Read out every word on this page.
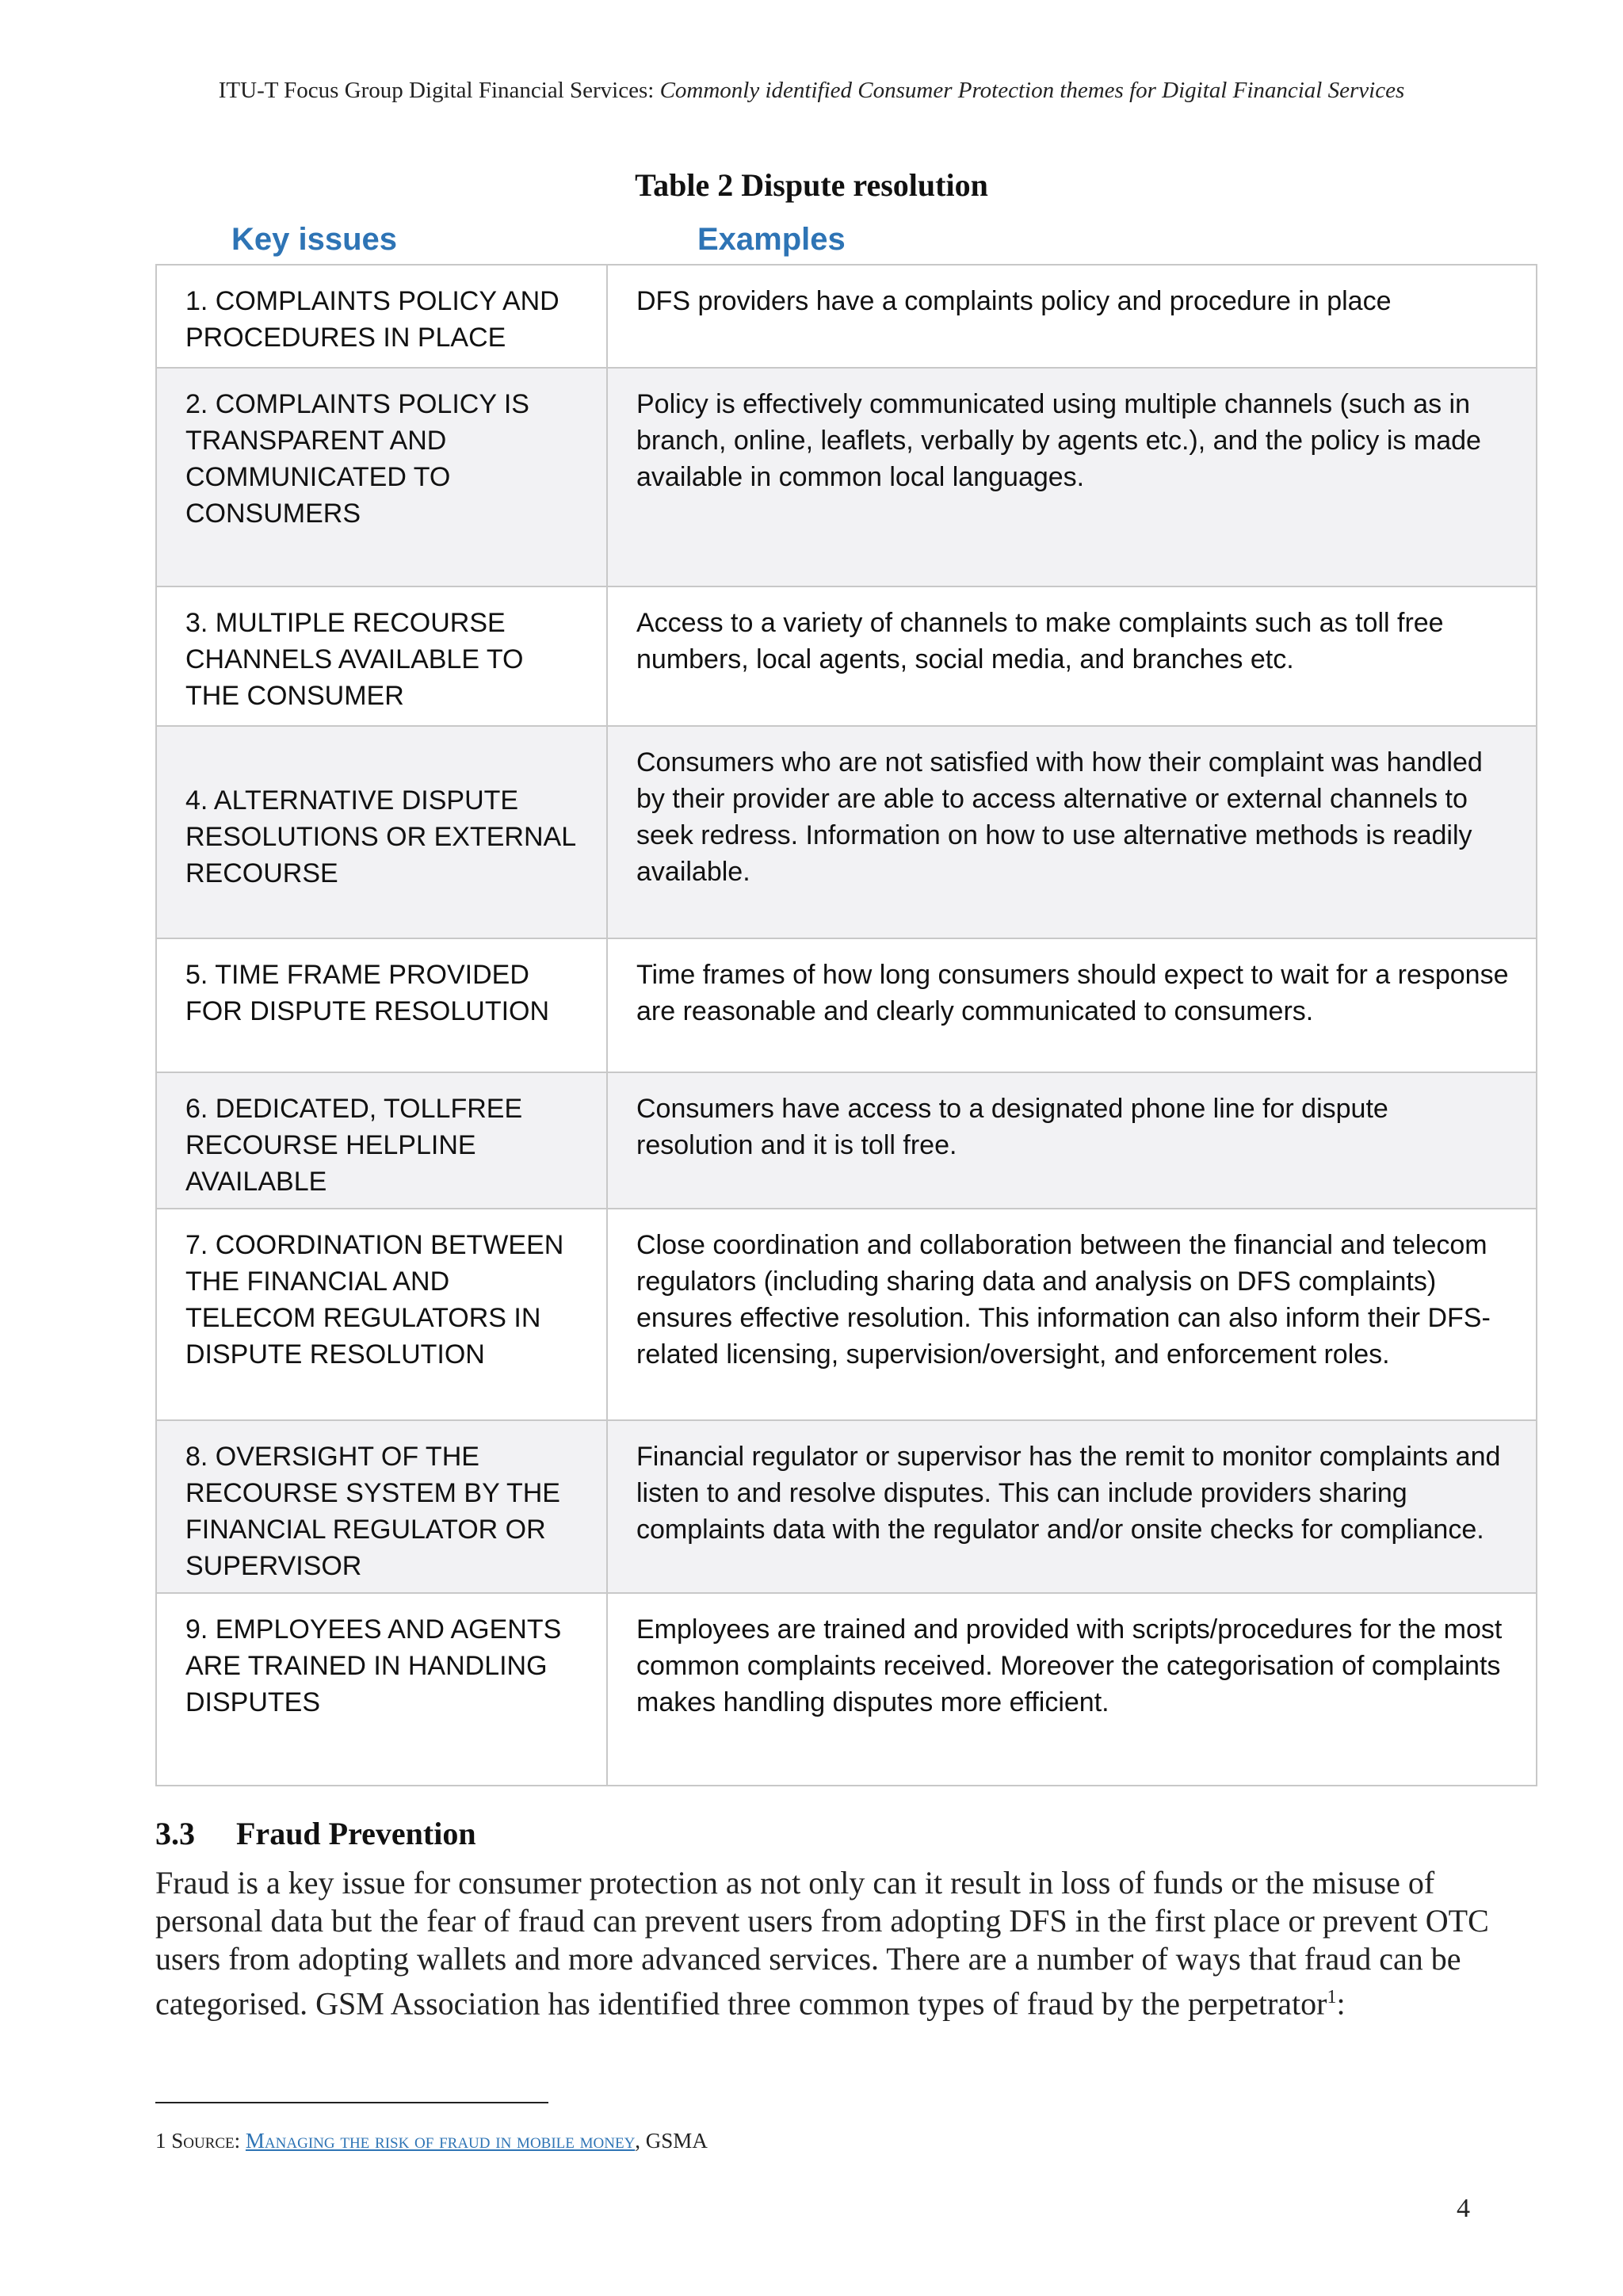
ITU-T Focus Group Digital Financial Services: Commonly identified Consumer Protection themes for Digital Financial Services
Table 2 Dispute resolution
Key issues	Examples
1. COMPLAINTS POLICY AND PROCEDURES IN PLACE	DFS providers have a complaints policy and procedure in place
2. COMPLAINTS POLICY IS TRANSPARENT AND COMMUNICATED TO CONSUMERS	Policy is effectively communicated using multiple channels (such as in branch, online, leaflets, verbally by agents etc.), and the policy is made available in common local languages.
3. MULTIPLE RECOURSE CHANNELS AVAILABLE TO THE CONSUMER	Access to a variety of channels to make complaints such as toll free numbers, local agents, social media, and branches etc.
4. ALTERNATIVE DISPUTE RESOLUTIONS OR EXTERNAL RECOURSE	Consumers who are not satisfied with how their complaint was handled by their provider are able to access alternative or external channels to seek redress. Information on how to use alternative methods is readily available.
5. TIME FRAME PROVIDED FOR DISPUTE RESOLUTION	Time frames of how long consumers should expect to wait for a response are reasonable and clearly communicated to consumers.
6. DEDICATED, TOLLFREE RECOURSE HELPLINE AVAILABLE	Consumers have access to a designated phone line for dispute resolution and it is toll free.
7. COORDINATION BETWEEN THE FINANCIAL AND TELECOM REGULATORS IN DISPUTE RESOLUTION	Close coordination and collaboration between the financial and telecom regulators (including sharing data and analysis on DFS complaints) ensures effective resolution. This information can also inform their DFS-related licensing, supervision/oversight, and enforcement roles.
8. OVERSIGHT OF THE RECOURSE SYSTEM BY THE FINANCIAL REGULATOR OR SUPERVISOR	Financial regulator or supervisor has the remit to monitor complaints and listen to and resolve disputes. This can include providers sharing complaints data with the regulator and/or onsite checks for compliance.
9. EMPLOYEES AND AGENTS ARE TRAINED IN HANDLING DISPUTES	Employees are trained and provided with scripts/procedures for the most common complaints received. Moreover the categorisation of complaints makes handling disputes more efficient.
3.3 Fraud Prevention
Fraud is a key issue for consumer protection as not only can it result in loss of funds or the misuse of personal data but the fear of fraud can prevent users from adopting DFS in the first place or prevent OTC users from adopting wallets and more advanced services. There are a number of ways that fraud can be categorised. GSM Association has identified three common types of fraud by the perpetrator$^1$:
1 Source: Managing the risk of fraud in mobile money, GSMA
4
